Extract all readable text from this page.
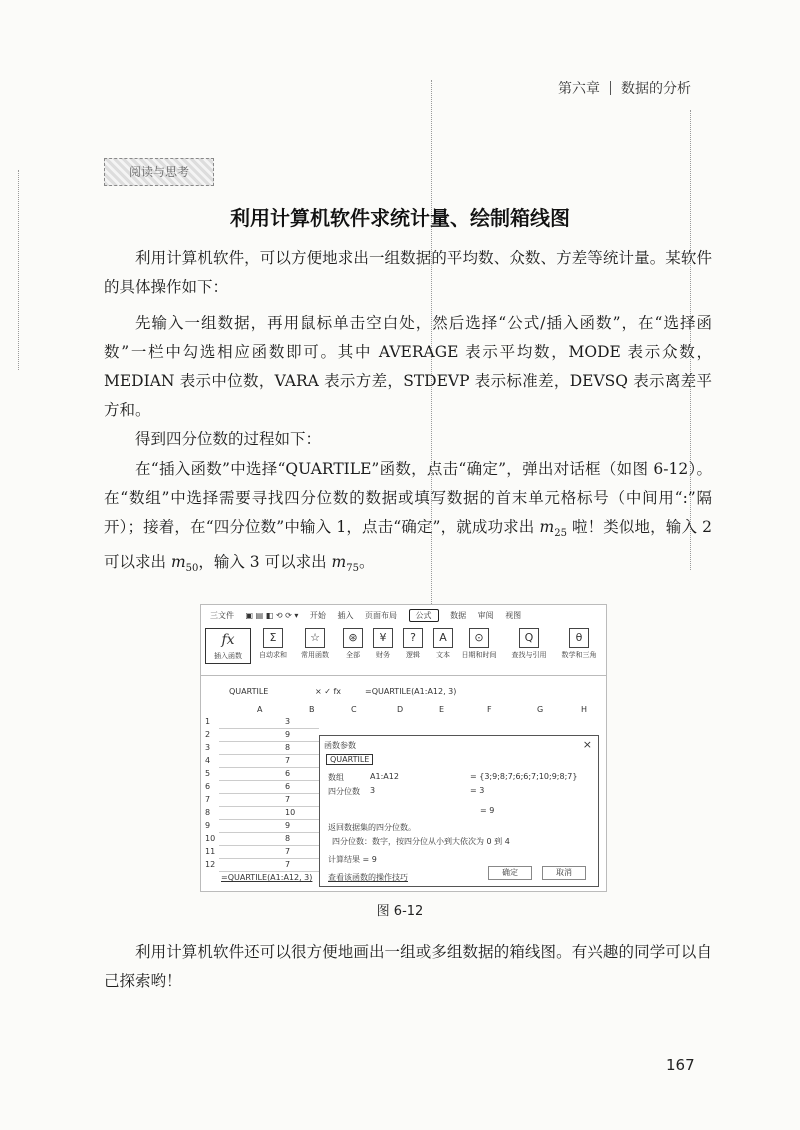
第六章 数据的分析
阅读与思考
利用计算机软件求统计量、绘制箱线图
利用计算机软件，可以方便地求出一组数据的平均数、众数、方差等统计量。某软件的具体操作如下：
先输入一组数据，再用鼠标单击空白处，然后选择“公式/插入函数”，在“选择函数”一栏中勾选相应函数即可。其中 AVERAGE 表示平均数，MODE 表示众数，MEDIAN 表示中位数，VARA 表示方差，STDEVP 表示标准差，DEVSQ 表示离差平方和。
得到四分位数的过程如下：
在“插入函数”中选择“QUARTILE”函数，点击“确定”，弹出对话框（如图 6-12）。在“数组”中选择需要寻找四分位数的数据或填写数据的首末单元格标号（中间用“:”隔开）；接着，在“四分位数”中输入 1，点击“确定”，就成功求出 $m_{25}$ 啦！类似地，输入 2 可以求出 $m_{50}$，输入 3 可以求出 $m_{75}$。
三文件 ▣ ▤ ◧ ⟲ ⟳ ▾ 开始 插入 页面布局 公式 数据 审阅 视图
fx
插入函数
Σ
自动求和
☆
常用函数
⊛
全部
¥
财务
?
逻辑
A
文本
⊙
日期和时间
Q
查找与引用
θ
数学和三角
QUARTILE	× ✓ fx	=QUARTILE(A1:A12, 3)
A	B	C	D	E	F	G	H
1	3
2	9
3	8
4	7
5	6
6	6
7	7
8	10
9	9
10	8
11	7
12	7
=QUARTILE(A1:A12, 3)
函数参数	×
QUARTILE
数组	A1:A12	= {3;9;8;7;6;6;7;10;9;8;7}
四分位数 3	= 3
= 9
返回数据集的四分位数。
四分位数：数字，按四分位从小到大依次为 0 到 4
计算结果 = 9
查看该函数的操作技巧
确定	取消
图 6-12
利用计算机软件还可以很方便地画出一组或多组数据的箱线图。有兴趣的同学可以自己探索哟！
167
